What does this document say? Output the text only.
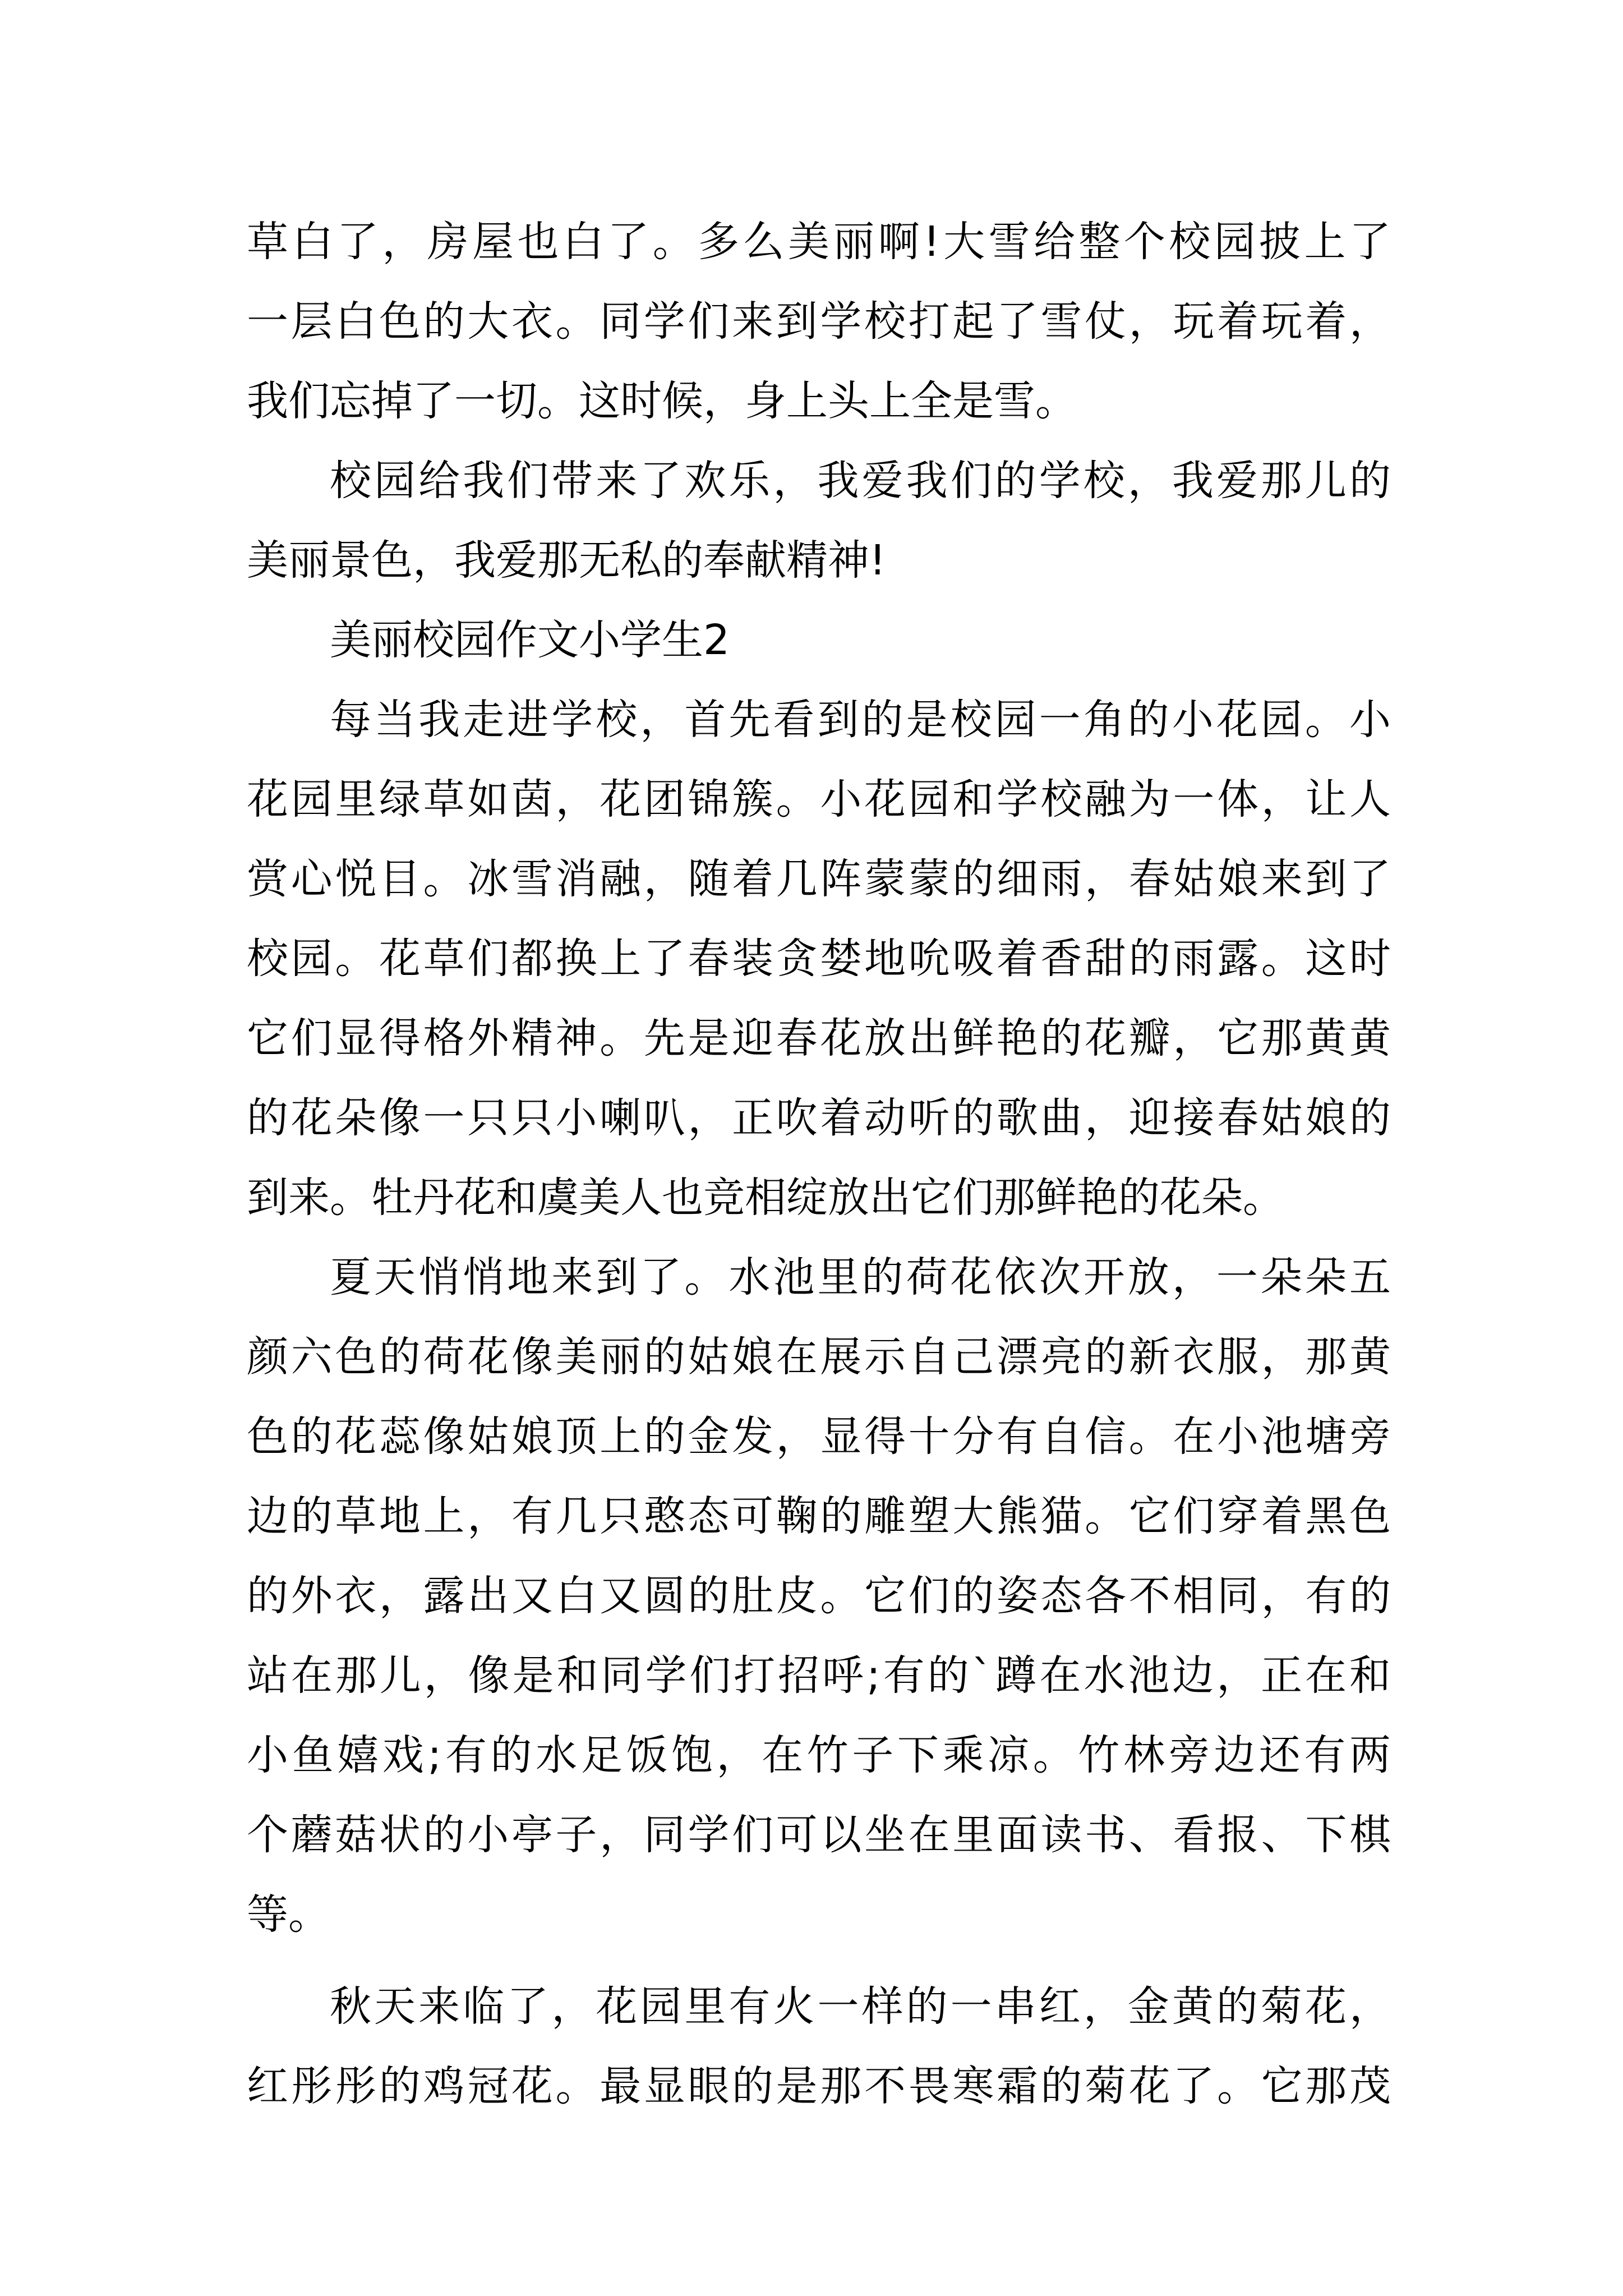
草白了，房屋也白了。多么美丽啊!大雪给整个校园披上了
一层白色的大衣。同学们来到学校打起了雪仗，玩着玩着，
我们忘掉了一切。这时候，身上头上全是雪。
校园给我们带来了欢乐，我爱我们的学校，我爱那儿的
美丽景色，我爱那无私的奉献精神!
美丽校园作文小学生2
每当我走进学校，首先看到的是校园一角的小花园。小
花园里绿草如茵，花团锦簇。小花园和学校融为一体，让人
赏心悦目。冰雪消融，随着几阵蒙蒙的细雨，春姑娘来到了
校园。花草们都换上了春装贪婪地吮吸着香甜的雨露。这时
它们显得格外精神。先是迎春花放出鲜艳的花瓣，它那黄黄
的花朵像一只只小喇叭，正吹着动听的歌曲，迎接春姑娘的
到来。牡丹花和虞美人也竞相绽放出它们那鲜艳的花朵。
夏天悄悄地来到了。水池里的荷花依次开放，一朵朵五
颜六色的荷花像美丽的姑娘在展示自己漂亮的新衣服，那黄
色的花蕊像姑娘顶上的金发，显得十分有自信。在小池塘旁
边的草地上，有几只憨态可鞠的雕塑大熊猫。它们穿着黑色
的外衣，露出又白又圆的肚皮。它们的姿态各不相同，有的
站在那儿，像是和同学们打招呼;有的`蹲在水池边，正在和
小鱼嬉戏;有的水足饭饱，在竹子下乘凉。竹林旁边还有两
个蘑菇状的小亭子，同学们可以坐在里面读书、看报、下棋
等。
秋天来临了，花园里有火一样的一串红，金黄的菊花，
红彤彤的鸡冠花。最显眼的是那不畏寒霜的菊花了。它那茂
